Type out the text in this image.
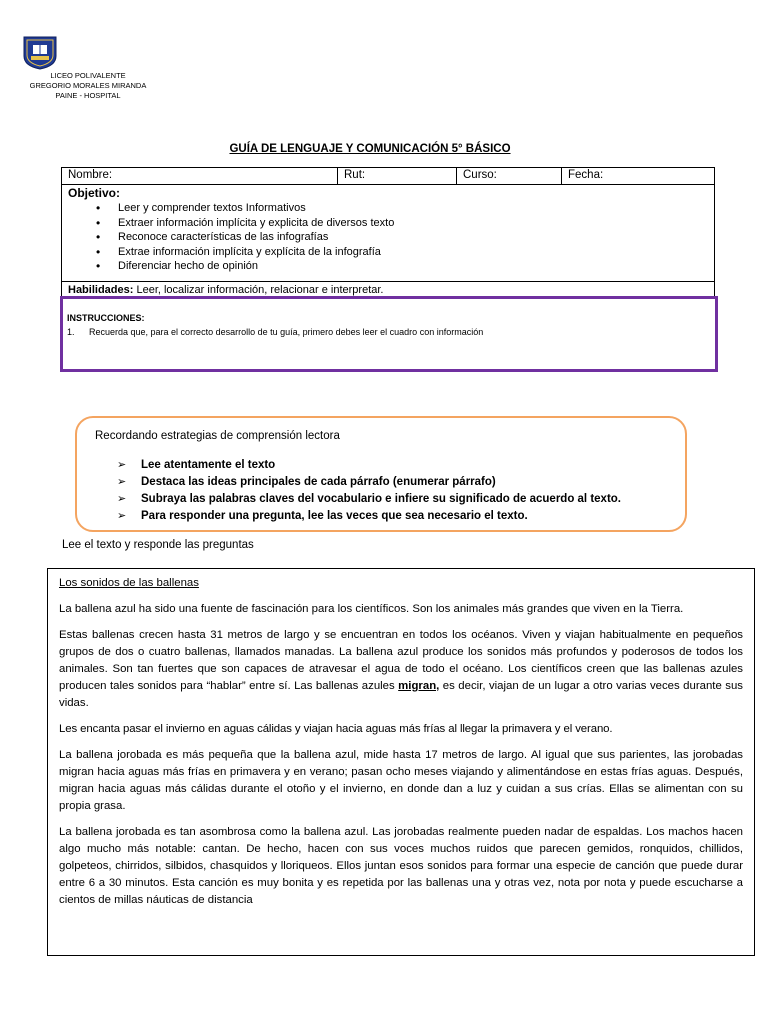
LICEO POLIVALENTE
GREGORIO MORALES MIRANDA
PAINE - HOSPITAL
GUÍA DE LENGUAJE Y COMUNICACIÓN 5° BÁSICO
Nombre:	Rut:	Curso:	Fecha:

Objetivo:
• Leer y comprender textos Informativos
• Extraer información implícita y explicita de diversos texto
• Reconoce características de las infografías
• Extrae información implícita y explícita de la infografía
• Diferenciar hecho de opinión

Habilidades: Leer, localizar información, relacionar e interpretar.
INSTRUCCIONES:
1. Recuerda que, para el correcto desarrollo de tu guía, primero debes leer el cuadro con información
Recordando estrategias de comprensión lectora
➢ Lee atentamente el texto
➢ Destaca las ideas principales de cada párrafo (enumerar párrafo)
➢ Subraya las palabras claves del vocabulario e infiere su significado de acuerdo al texto.
➢ Para responder una pregunta, lee las veces que sea necesario el texto.
Lee el texto y responde las preguntas
Los sonidos de las ballenas

La ballena azul ha sido una fuente de fascinación para los científicos. Son los animales más grandes que viven en la Tierra.

Estas ballenas crecen hasta 31 metros de largo y se encuentran en todos los océanos. Viven y viajan habitualmente en pequeños grupos de dos o cuatro ballenas, llamados manadas. La ballena azul produce los sonidos más profundos y poderosos de todos los animales. Son tan fuertes que son capaces de atravesar el agua de todo el océano. Los científicos creen que las ballenas azules producen tales sonidos para “hablar” entre sí. Las ballenas azules migran, es decir, viajan de un lugar a otro varias veces durante sus vidas.

Les encanta pasar el invierno en aguas cálidas y viajan hacia aguas más frías al llegar la primavera y el verano.

La ballena jorobada es más pequeña que la ballena azul, mide hasta 17 metros de largo. Al igual que sus parientes, las jorobadas migran hacia aguas más frías en primavera y en verano; pasan ocho meses viajando y alimentándose en estas frías aguas. Después, migran hacia aguas más cálidas durante el otoño y el invierno, en donde dan a luz y cuidan a sus crías. Ellas se alimentan con su propia grasa.

La ballena jorobada es tan asombrosa como la ballena azul. Las jorobadas realmente pueden nadar de espaldas. Los machos hacen algo mucho más notable: cantan. De hecho, hacen con sus voces muchos ruidos que parecen gemidos, ronquidos, chillidos, golpeteos, chirridos, silbidos, chasquidos y lloriqueos. Ellos juntan esos sonidos para formar una especie de canción que puede durar entre 6 a 30 minutos. Esta canción es muy bonita y es repetida por las ballenas una y otras vez, nota por nota y puede escucharse a cientos de millas náuticas de distancia
